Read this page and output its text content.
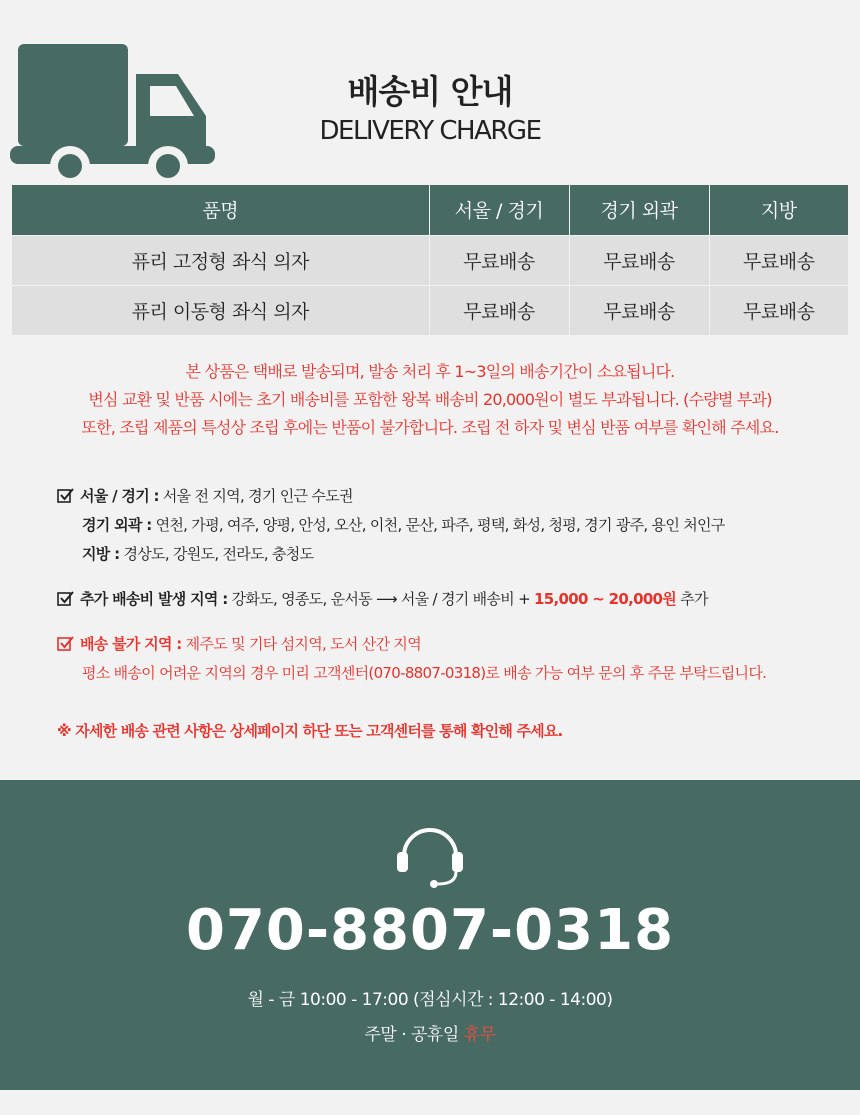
배송비 안내
DELIVERY CHARGE
품명	서울 / 경기	경기 외곽	지방
퓨리 고정형 좌식 의자	무료배송	무료배송	무료배송
퓨리 이동형 좌식 의자	무료배송	무료배송	무료배송
본 상품은 택배로 발송되며, 발송 처리 후 1~3일의 배송기간이 소요됩니다.
변심 교환 및 반품 시에는 초기 배송비를 포함한 왕복 배송비 20,000원이 별도 부과됩니다. (수량별 부과)
또한, 조립 제품의 특성상 조립 후에는 반품이 불가합니다. 조립 전 하자 및 변심 반품 여부를 확인해 주세요.
서울 / 경기 : 서울 전 지역, 경기 인근 수도권
경기 외곽 : 연천, 가평, 여주, 양평, 안성, 오산, 이천, 문산, 파주, 평택, 화성, 청평, 경기 광주, 용인 처인구
지방 : 경상도, 강원도, 전라도, 충청도
추가 배송비 발생 지역 : 강화도, 영종도, 운서동 ⟶ 서울 / 경기 배송비 + 15,000 ~ 20,000원 추가
배송 불가 지역 : 제주도 및 기타 섬지역, 도서 산간 지역
평소 배송이 어려운 지역의 경우 미리 고객센터(070-8807-0318)로 배송 가능 여부 문의 후 주문 부탁드립니다.
※ 자세한 배송 관련 사항은 상세페이지 하단 또는 고객센터를 통해 확인해 주세요.
070-8807-0318
월 - 금 10:00 - 17:00 (점심시간 : 12:00 - 14:00)
주말 · 공휴일 휴무
